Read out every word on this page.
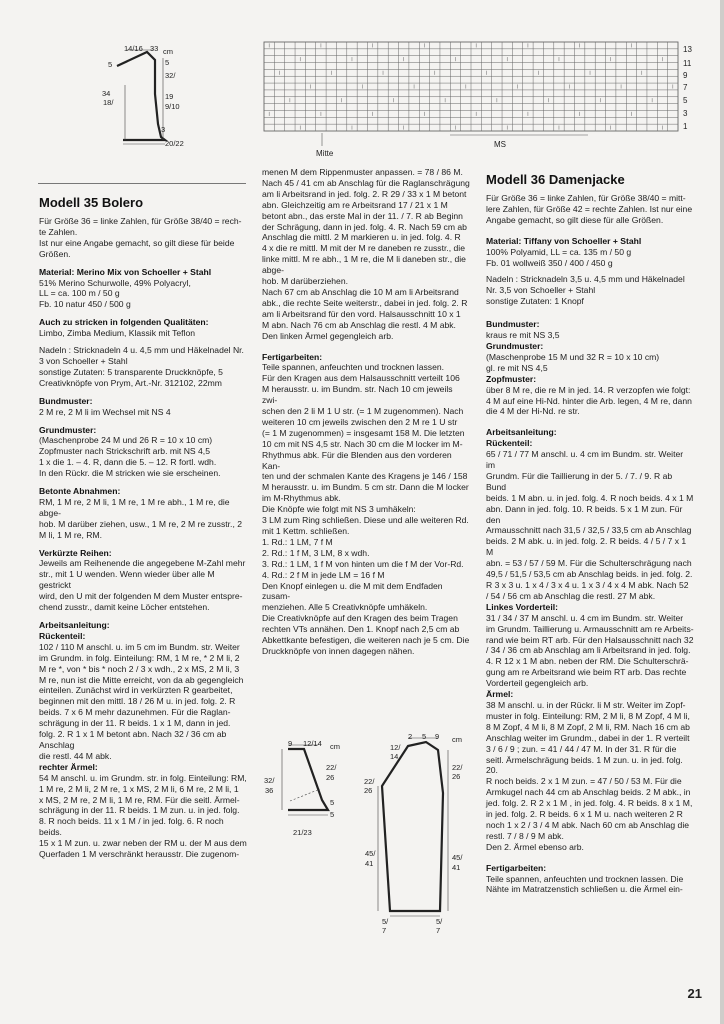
14/16 33 cm
5	5
32/
34
18/
19
9/10
3
20/22
13
11
9
7
5
3
1
Mitte
MS
Modell 35 Bolero
Für Größe 36 = linke Zahlen, für Größe 38/40 = rech-
te Zahlen.
Ist nur eine Angabe gemacht, so gilt diese für beide
Größen.
Material: Merino Mix von Schoeller + Stahl
51% Merino Schurwolle, 49% Polyacryl,
LL = ca. 100 m / 50 g
Fb. 10 natur 450 / 500 g
Auch zu stricken in folgenden Qualitäten:
Limbo, Zimba Medium, Klassik mit Teflon
Nadeln : Stricknadeln 4 u. 4,5 mm und Häkelnadel Nr.
3 von Schoeller + Stahl
sonstige Zutaten: 5 transparente Druckknöpfe, 5
Creativknöpfe von Prym, Art.-Nr. 312102, 22mm
Bundmuster:
2 M re, 2 M li im Wechsel mit NS 4
Grundmuster:
(Maschenprobe 24 M und 26 R = 10 x 10 cm)
Zopfmuster nach Strickschrift arb. mit NS 4,5
1 x die 1. – 4. R, dann die 5. – 12. R fortl. wdh.
In den Rückr. die M stricken wie sie erscheinen.
Betonte Abnahmen:
RM, 1 M re, 2 M li, 1 M re, 1 M re abh., 1 M re, die abge-
hob. M darüber ziehen, usw., 1 M re, 2 M re zusstr., 2
M li, 1 M re, RM.
Verkürzte Reihen:
Jeweils am Reihenende die angegebene M-Zahl mehr
str., mit 1 U wenden. Wenn wieder über alle M gestrickt
wird, den U mit der folgenden M dem Muster entspre-
chend zusstr., damit keine Löcher entstehen.
Arbeitsanleitung:
Rückenteil:
102 / 110 M anschl. u. im 5 cm im Bundm. str. Weiter
im Grundm. in folg. Einteilung: RM, 1 M re, * 2 M li, 2
M re *, von * bis * noch 2 / 3 x wdh., 2 x MS, 2 M li, 3
M re, nun ist die Mitte erreicht, von da ab gegengleich
einteilen. Zunächst wird in verkürzten R gearbeitet,
beginnen mit den mittl. 18 / 26 M u. in jed. folg. 2. R
beids. 7 x 6 M mehr dazunehmen. Für die Raglan-
schrägung in der 11. R beids. 1 x 1 M, dann in jed.
folg. 2. R 1 x 1 M betont abn. Nach 32 / 36 cm ab Anschlag
die restl. 44 M abk.
rechter Ärmel:
54 M anschl. u. im Grundm. str. in folg. Einteilung: RM,
1 M re, 2 M li, 2 M re, 1 x MS, 2 M li, 6 M re, 2 M li, 1
x MS, 2 M re, 2 M li, 1 M re, RM. Für die seitl. Ärmel-
schrägung in der 11. R beids. 1 M zun. u. in jed. folg.
8. R noch beids. 11 x 1 M / in jed. folg. 6. R noch beids.
15 x 1 M zun. u. zwar neben der RM u. der M aus dem
Querfaden 1 M verschränkt herausstr. Die zugenom-
menen M dem Rippenmuster anpassen. = 78 / 86 M.
Nach 45 / 41 cm ab Anschlag für die Raglanschrägung
am li Arbeitsrand in jed. folg. 2. R 29 / 33 x 1 M betont
abn. Gleichzeitig am re Arbeitsrand 17 / 21 x 1 M
betont abn., das erste Mal in der 11. / 7. R ab Beginn
der Schrägung, dann in jed. folg. 4. R. Nach 59 cm ab
Anschlag die mittl. 2 M markieren u. in jed. folg. 4. R
4 x die re mittl. M mit der M re daneben re zusstr., die
linke mittl. M re abh., 1 M re, die M li daneben str., die abge-
hob. M darüberziehen.
Nach 67 cm ab Anschlag die 10 M am li Arbeitsrand
abk., die rechte Seite weiterstr., dabei in jed. folg. 2. R
am li Arbeitsrand für den vord. Halsausschnitt 10 x 1
M abn. Nach 76 cm ab Anschlag die restl. 4 M abk.
Den linken Ärmel gegengleich arb.
Fertigarbeiten:
Teile spannen, anfeuchten und trocknen lassen.
Für den Kragen aus dem Halsausschnitt verteilt 106
M herausstr. u. im Bundm. str. Nach 10 cm jeweils zwi-
schen den 2 li M 1 U str. (= 1 M zugenommen). Nach
weiteren 10 cm jeweils zwischen den 2 M re 1 U str
(= 1 M zugenommen) = insgesamt 158 M. Die letzten
10 cm mit NS 4,5 str. Nach 30 cm die M locker im M-
Rhythmus abk. Für die Blenden aus den vorderen Kan-
ten und der schmalen Kante des Kragens je 146 / 158
M herausstr. u. im Bundm. 5 cm str. Dann die M locker
im M-Rhythmus abk.
Die Knöpfe wie folgt mit NS 3 umhäkeln:
3 LM zum Ring schließen. Diese und alle weiteren Rd.
mit 1 Kettm. schließen.
1. Rd.: 1 LM, 7 f M
2. Rd.: 1 f M, 3 LM, 8 x wdh.
3. Rd.: 1 LM, 1 f M von hinten um die f M der Vor-Rd.
4. Rd.: 2 f M in jede LM = 16 f M
Den Knopf einlegen u. die M mit dem Endfaden zusam-
menziehen. Alle 5 Creativknöpfe umhäkeln.
Die Creativknöpfe auf den Kragen des beim Tragen
rechten VTs annähen. Den 1. Knopf nach 2,5 cm ab
Abkettkante befestigen, die weiteren nach je 5 cm. Die
Druckknöpfe von innen dagegen nähen.
9 12/14 cm
22/
26
32/
36
5
5
21/23
12/
14
2 5 9 cm
22/
26
22/
26
45/
41
45/
41
5/
7
5/
7
Modell 36 Damenjacke
Für Größe 36 = linke Zahlen, für Größe 38/40 = mitt-
lere Zahlen, für Größe 42 = rechte Zahlen. Ist nur eine
Angabe gemacht, so gilt diese für alle Größen.
Material: Tiffany von Schoeller + Stahl
100% Polyamid, LL = ca. 135 m / 50 g
Fb. 01 wollweiß 350 / 400 / 450 g
Nadeln : Stricknadeln 3,5 u. 4,5 mm und Häkelnadel
Nr. 3,5 von Schoeller + Stahl
sonstige Zutaten: 1 Knopf
Bundmuster:
kraus re mit NS 3,5
Grundmuster:
(Maschenprobe 15 M und 32 R = 10 x 10 cm)
gl. re mit NS 4,5
Zopfmuster:
über 8 M re, die re M in jed. 14. R verzopfen wie folgt:
4 M auf eine Hi-Nd. hinter die Arb. legen, 4 M re, dann
die 4 M der Hi-Nd. re str.
Arbeitsanleitung:
Rückenteil:
65 / 71 / 77 M anschl. u. 4 cm im Bundm. str. Weiter im
Grundm. Für die Taillierung in der 5. / 7. / 9. R ab Bund
beids. 1 M abn. u. in jed. folg. 4. R noch beids. 4 x 1 M
abn. Dann in jed. folg. 10. R beids. 5 x 1 M zun. Für den
Armausschnitt nach 31,5 / 32,5 / 33,5 cm ab Anschlag
beids. 2 M abk. u. in jed. folg. 2. R beids. 4 / 5 / 7 x 1 M
abn. = 53 / 57 / 59 M. Für die Schulterschrägung nach
49,5 / 51,5 / 53,5 cm ab Anschlag beids. in jed. folg. 2.
R 3 x 3 u. 1 x 4 / 3 x 4 u. 1 x 3 / 4 x 4 M abk. Nach 52
/ 54 / 56 cm ab Anschlag die restl. 27 M abk.
Linkes Vorderteil:
31 / 34 / 37 M anschl. u. 4 cm im Bundm. str. Weiter
im Grundm. Taillierung u. Armausschnitt am re Arbeits-
rand wie beim RT arb. Für den Halsausschnitt nach 32
/ 34 / 36 cm ab Anschlag am li Arbeitsrand in jed. folg.
4. R 12 x 1 M abn. neben der RM. Die Schulterschrä-
gung am re Arbeitsrand wie beim RT arb. Das rechte
Vorderteil gegengleich arb.
Ärmel:
38 M anschl. u. in der Rückr. li M str. Weiter im Zopf-
muster in folg. Einteilung: RM, 2 M li, 8 M Zopf, 4 M li,
8 M Zopf, 4 M li, 8 M Zopf, 2 M li, RM. Nach 16 cm ab
Anschlag weiter im Grundm., dabei in der 1. R verteilt
3 / 6 / 9 ; zun. = 41 / 44 / 47 M. In der 31. R für die
seitl. Ärmelschrägung beids. 1 M zun. u. in jed. folg. 20.
R noch beids. 2 x 1 M zun. = 47 / 50 / 53 M. Für die
Armkugel nach 44 cm ab Anschlag beids. 2 M abk., in
jed. folg. 2. R 2 x 1 M , in jed. folg. 4. R beids. 8 x 1 M,
in jed. folg. 2. R beids. 6 x 1 M u. nach weiteren 2 R
noch 1 x 2 / 3 / 4 M abk. Nach 60 cm ab Anschlag die
restl. 7 / 8 / 9 M abk.
Den 2. Ärmel ebenso arb.
Fertigarbeiten:
Teile spannen, anfeuchten und trocknen lassen. Die
Nähte im Matratzenstich schließen u. die Ärmel ein-
21
